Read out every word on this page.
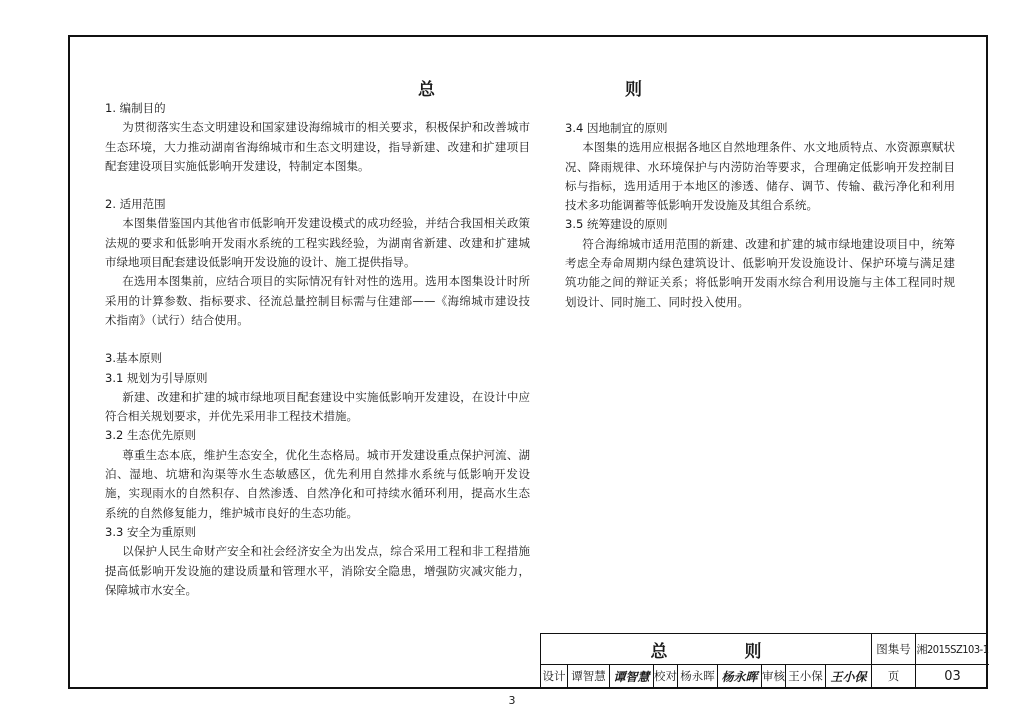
总　　则

1. 编制目的

为贯彻落实生态文明建设和国家建设海绵城市的相关要求，积极保护和改善城市生态环境，大力推动湖南省海绵城市和生态文明建设，指导新建、改建和扩建项目配套建设项目实施低影响开发建设，特制定本图集。

2. 适用范围

本图集借鉴国内其他省市低影响开发建设模式的成功经验，并结合我国相关政策法规的要求和低影响开发雨水系统的工程实践经验，为湖南省新建、改建和扩建城市绿地项目配套建设低影响开发设施的设计、施工提供指导。

在选用本图集前，应结合项目的实际情况有针对性的选用。选用本图集设计时所采用的计算参数、指标要求、径流总量控制目标需与住建部——《海绵城市建设技术指南》（试行）结合使用。

3.基本原则

3.1 规划为引导原则

新建、改建和扩建的城市绿地项目配套建设中实施低影响开发建设，在设计中应符合相关规划要求，并优先采用非工程技术措施。

3.2 生态优先原则

尊重生态本底，维护生态安全，优化生态格局。城市开发建设重点保护河流、湖泊、湿地、坑塘和沟渠等水生态敏感区，优先利用自然排水系统与低影响开发设施，实现雨水的自然积存、自然渗透、自然净化和可持续水循环利用，提高水生态系统的自然修复能力，维护城市良好的生态功能。

3.3 安全为重原则

以保护人民生命财产安全和社会经济安全为出发点，综合采用工程和非工程措施提高低影响开发设施的建设质量和管理水平，消除安全隐患，增强防灾减灾能力，保障城市水安全。

3.4 因地制宜的原则

本图集的选用应根据各地区自然地理条件、水文地质特点、水资源禀赋状况、降雨规律、水环境保护与内涝防治等要求，合理确定低影响开发控制目标与指标，选用适用于本地区的渗透、储存、调节、传输、截污净化和利用技术多功能调蓄等低影响开发设施及其组合系统。

3.5 统筹建设的原则

符合海绵城市适用范围的新建、改建和扩建的城市绿地建设项目中，统筹考虑全寿命周期内绿色建筑设计、低影响开发设施设计、保护环境与满足建筑功能之间的辩证关系；将低影响开发雨水综合利用设施与主体工程同时规划设计、同时施工、同时投入使用。

总　则	图集号 湘2015SZ103-1
设计 谭智慧 谭智慧 校对 杨永晖 杨永晖 审核 王小保 王小保	页	03
3
